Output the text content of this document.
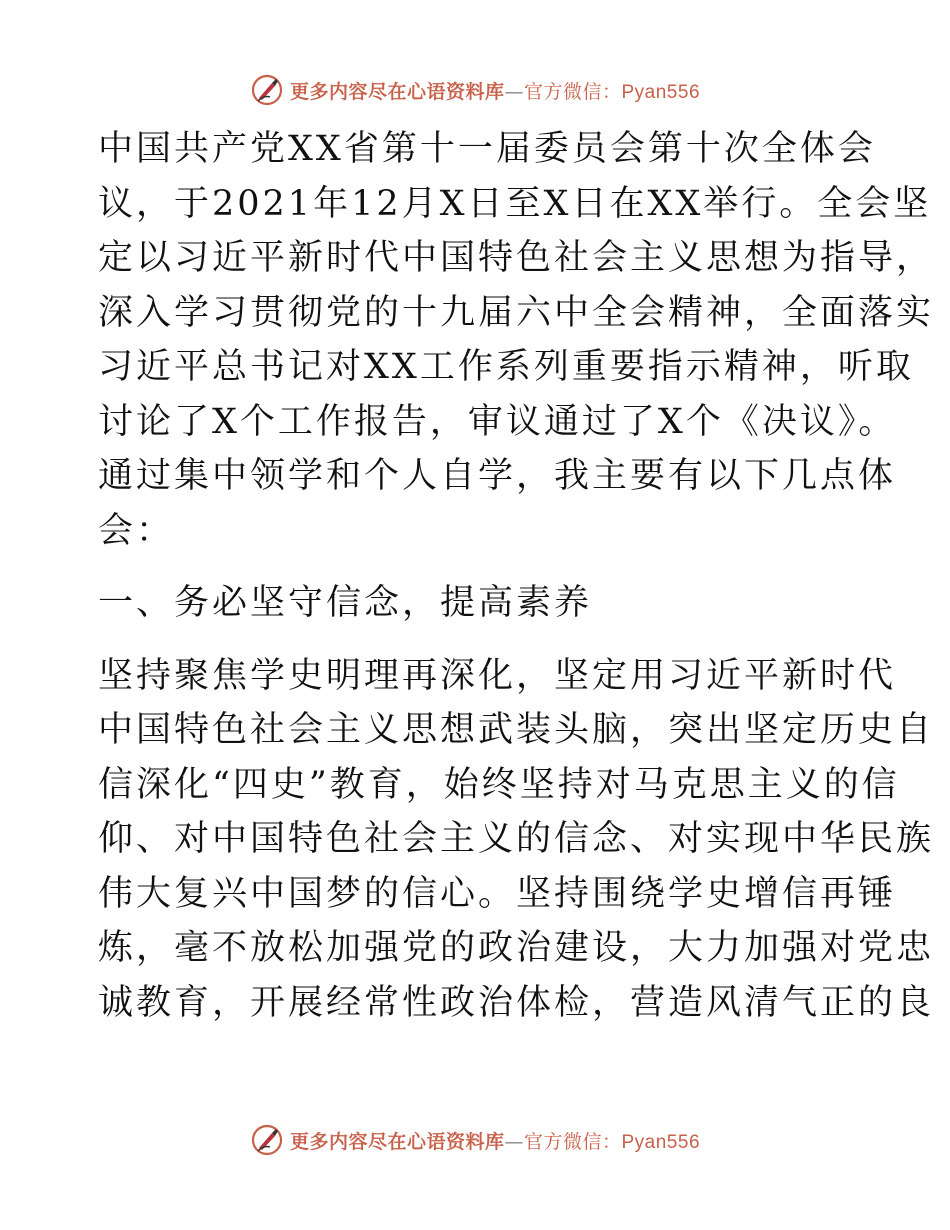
更多内容尽在心语资料库—官方微信：Pyan556

中国共产党XX省第十一届委员会第十次全体会
议，于2021年12月X日至X日在XX举行。全会坚
定以习近平新时代中国特色社会主义思想为指导，
深入学习贯彻党的十九届六中全会精神，全面落实
习近平总书记对XX工作系列重要指示精神，听取
讨论了X个工作报告，审议通过了X个《决议》。
通过集中领学和个人自学，我主要有以下几点体
会：

一、务必坚守信念，提高素养

坚持聚焦学史明理再深化，坚定用习近平新时代
中国特色社会主义思想武装头脑，突出坚定历史自
信深化“四史”教育，始终坚持对马克思主义的信
仰、对中国特色社会主义的信念、对实现中华民族
伟大复兴中国梦的信心。坚持围绕学史增信再锤
炼，毫不放松加强党的政治建设，大力加强对党忠
诚教育，开展经常性政治体检，营造风清气正的良

更多内容尽在心语资料库—官方微信：Pyan556
